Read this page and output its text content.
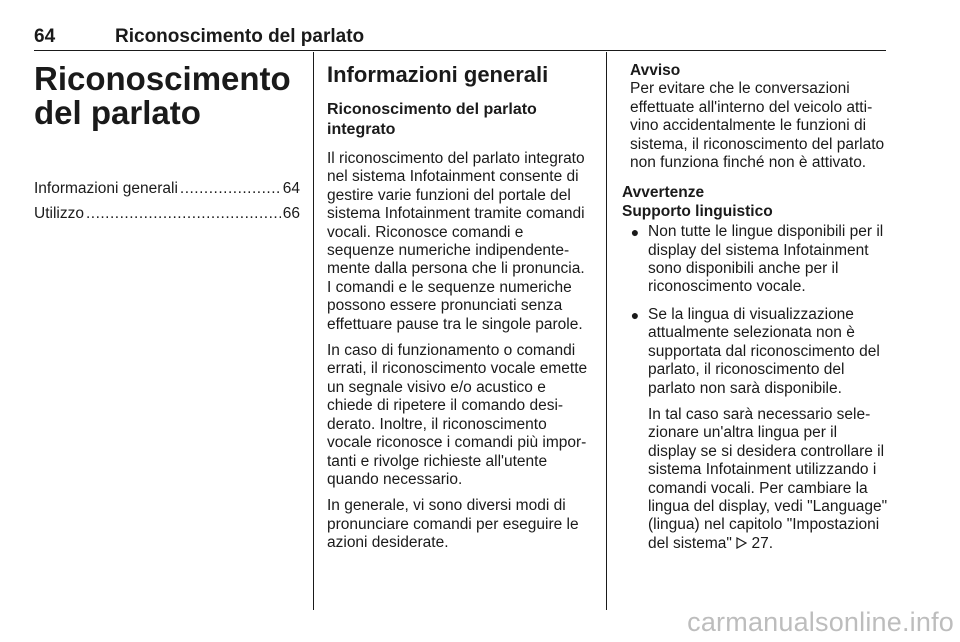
64	Riconoscimento del parlato
Riconoscimento del parlato
Informazioni generali .....	64
Utilizzo .....	66
Informazioni generali
Riconoscimento del parlato integrato

Il riconoscimento del parlato integrato nel sistema Infotainment consente di gestire varie funzioni del portale del sistema Infotainment tramite comandi vocali. Riconosce comandi e sequenze numeriche indipendentemente dalla persona che li pronuncia. I comandi e le sequenze numeriche possono essere pronunciati senza effettuare pause tra le singole parole.

In caso di funzionamento o comandi errati, il riconoscimento vocale emette un segnale visivo e/o acustico e chiede di ripetere il comando desiderato. Inoltre, il riconoscimento vocale riconosce i comandi più importanti e rivolge richieste all'utente quando necessario.

In generale, vi sono diversi modi di pronunciare comandi per eseguire le azioni desiderate.

Avviso
Per evitare che le conversazioni effettuate all'interno del veicolo attivino accidentalmente le funzioni di sistema, il riconoscimento del parlato non funziona finché non è attivato.
Avvertenze
Supporto linguistico
● Non tutte le lingue disponibili per il display del sistema Infotainment sono disponibili anche per il riconoscimento vocale.
● Se la lingua di visualizzazione attualmente selezionata non è supportata dal riconoscimento del parlato, il riconoscimento del parlato non sarà disponibile.
In tal caso sarà necessario selezionare un'altra lingua per il display se si desidera controllare il sistema Infotainment utilizzando i comandi vocali. Per cambiare la lingua del display, vedi "Language" (lingua) nel capitolo "Impostazioni del sistema" 27.
carmanualsonline.info
